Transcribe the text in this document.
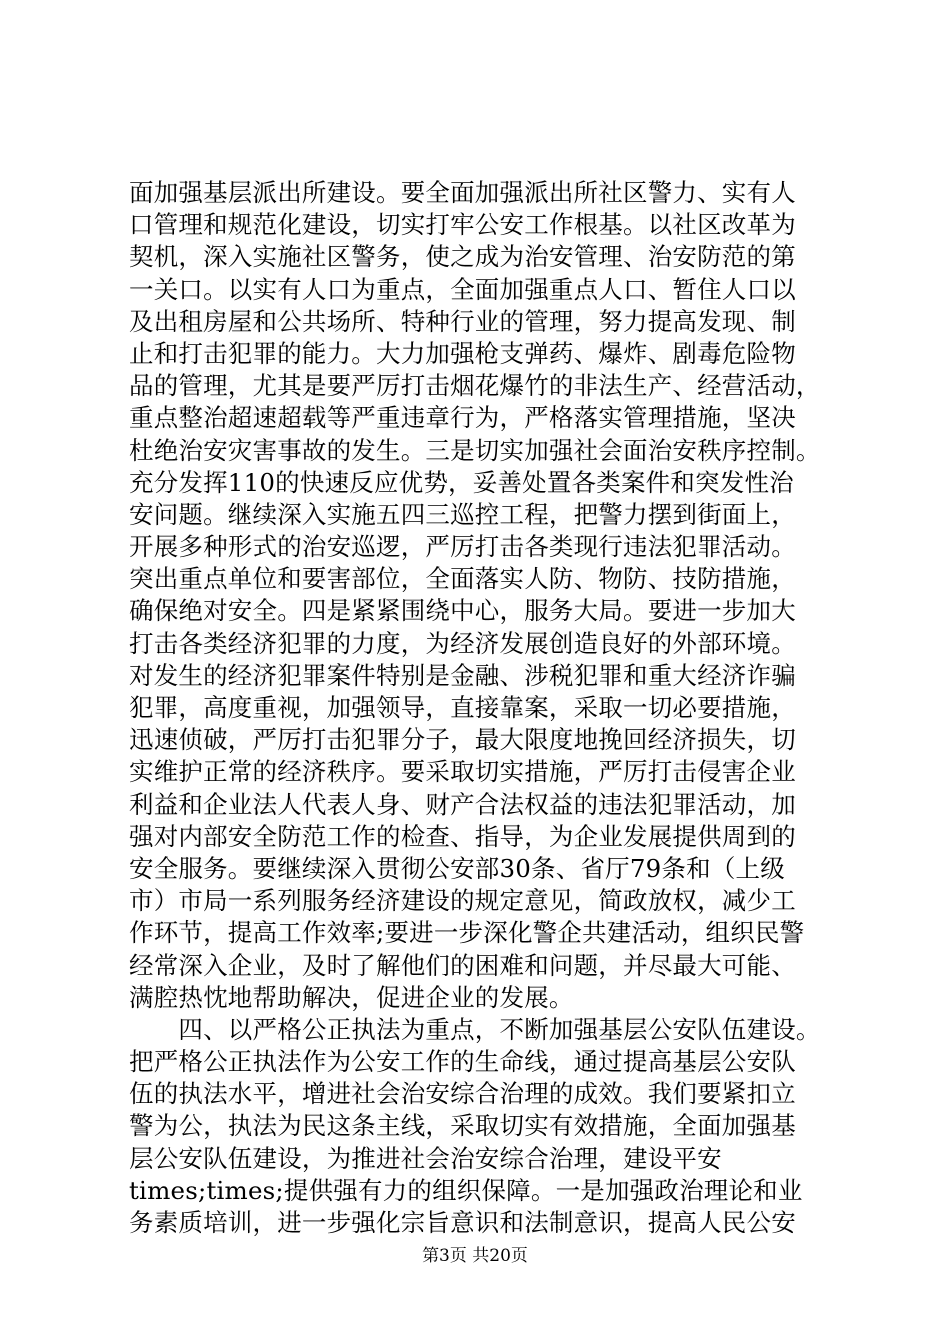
面加强基层派出所建设。要全面加强派出所社区警力、实有人
口管理和规范化建设，切实打牢公安工作根基。以社区改革为
契机，深入实施社区警务，使之成为治安管理、治安防范的第
一关口。以实有人口为重点，全面加强重点人口、暂住人口以
及出租房屋和公共场所、特种行业的管理，努力提高发现、制
止和打击犯罪的能力。大力加强枪支弹药、爆炸、剧毒危险物
品的管理，尤其是要严厉打击烟花爆竹的非法生产、经营活动，
重点整治超速超载等严重违章行为，严格落实管理措施，坚决
杜绝治安灾害事故的发生。三是切实加强社会面治安秩序控制。
充分发挥110的快速反应优势，妥善处置各类案件和突发性治
安问题。继续深入实施五四三巡控工程，把警力摆到街面上，
开展多种形式的治安巡逻，严厉打击各类现行违法犯罪活动。
突出重点单位和要害部位，全面落实人防、物防、技防措施，
确保绝对安全。四是紧紧围绕中心，服务大局。要进一步加大
打击各类经济犯罪的力度，为经济发展创造良好的外部环境。
对发生的经济犯罪案件特别是金融、涉税犯罪和重大经济诈骗
犯罪，高度重视，加强领导，直接靠案，采取一切必要措施，
迅速侦破，严厉打击犯罪分子，最大限度地挽回经济损失，切
实维护正常的经济秩序。要采取切实措施，严厉打击侵害企业
利益和企业法人代表人身、财产合法权益的违法犯罪活动，加
强对内部安全防范工作的检查、指导，为企业发展提供周到的
安全服务。要继续深入贯彻公安部30条、省厅79条和（上级
市）市局一系列服务经济建设的规定意见，简政放权，减少工
作环节，提高工作效率;要进一步深化警企共建活动，组织民警
经常深入企业，及时了解他们的困难和问题，并尽最大可能、
满腔热忱地帮助解决，促进企业的发展。
　　四、以严格公正执法为重点，不断加强基层公安队伍建设。
把严格公正执法作为公安工作的生命线，通过提高基层公安队
伍的执法水平，增进社会治安综合治理的成效。我们要紧扣立
警为公，执法为民这条主线，采取切实有效措施，全面加强基
层公安队伍建设，为推进社会治安综合治理，建设平安
times;times;提供强有力的组织保障。一是加强政治理论和业
务素质培训，进一步强化宗旨意识和法制意识，提高人民公安
第3页 共20页
